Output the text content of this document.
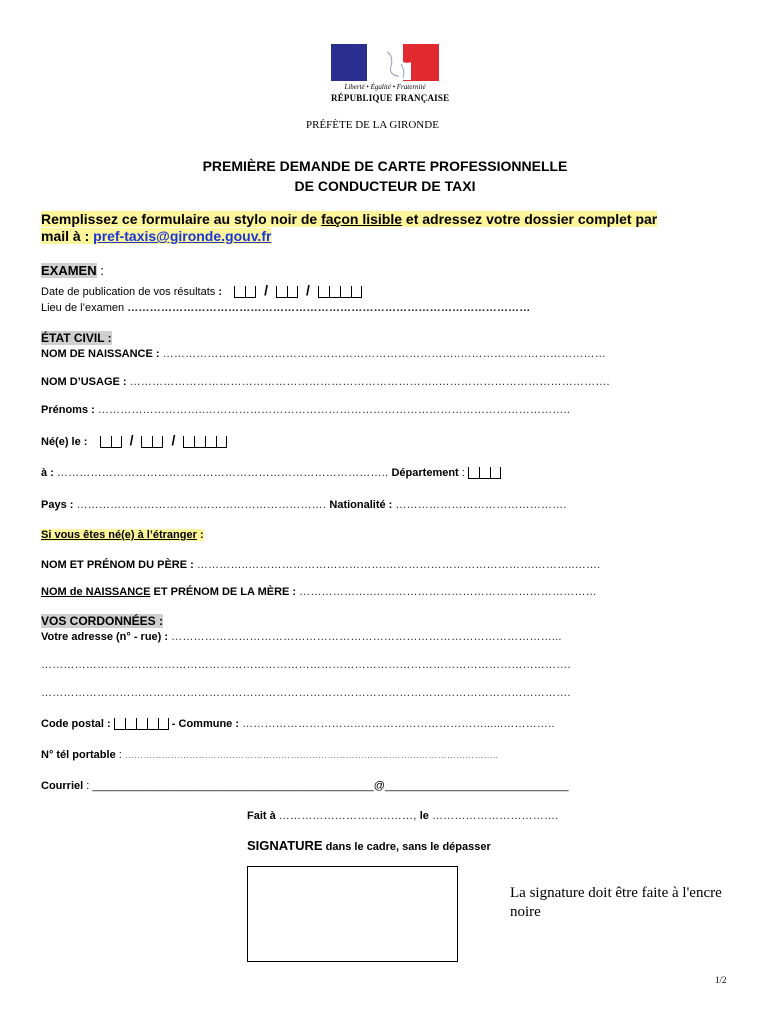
Liberté • Égalité • Fraternité
RÉPUBLIQUE FRANÇAISE
PRÉFÈTE DE LA GIRONDE
PREMIÈRE DEMANDE DE CARTE PROFESSIONNELLE
DE CONDUCTEUR DE TAXI
Remplissez ce formulaire au stylo noir de façon lisible et adressez votre dossier complet par
mail à : pref-taxis@gironde.gouv.fr
EXAMEN :
Date de publication de vos résultats :	/	/
Lieu de l’examen ………………………………………………………………………………………………
ÉTAT CIVIL :
NOM DE NAISSANCE : ……………………………………………………………………..…………………………………
NOM D’USAGE : ………………………………………………………………………..……………………………………….
Prénoms : ………………………..……………………………………………………………………………………..
Né(e) le :	/	/
à : …………………………………………………………………………….. Département :
Pays : …………………………………………………………. Nationalité : ……………………………………….
Si vous êtes né(e) à l’étranger :
NOM ET PRÉNOM DU PÈRE : …………..……………………………….………………………………….………..…….
NOM de NAISSANCE ET PRÉNOM DE LA MÈRE : ………………..……………………………………………………
VOS CORDONNÉES :
Votre adresse (n° - rue) : …………………………………………………………………………………………...
…………………………………………………………………………………………………………………………….
…………………………………………………………………………………………………………………………….
Code postal :	- Commune : …………………………..……………………………......…………..
N° tél portable : …………………………………………………………………………………………………………..
Courriel : ______________________________________________@______________________________
Fait à ………………………………, le …………………………….
SIGNATURE dans le cadre, sans le dépasser
La signature doit être faite à l'encre noire
1/2
